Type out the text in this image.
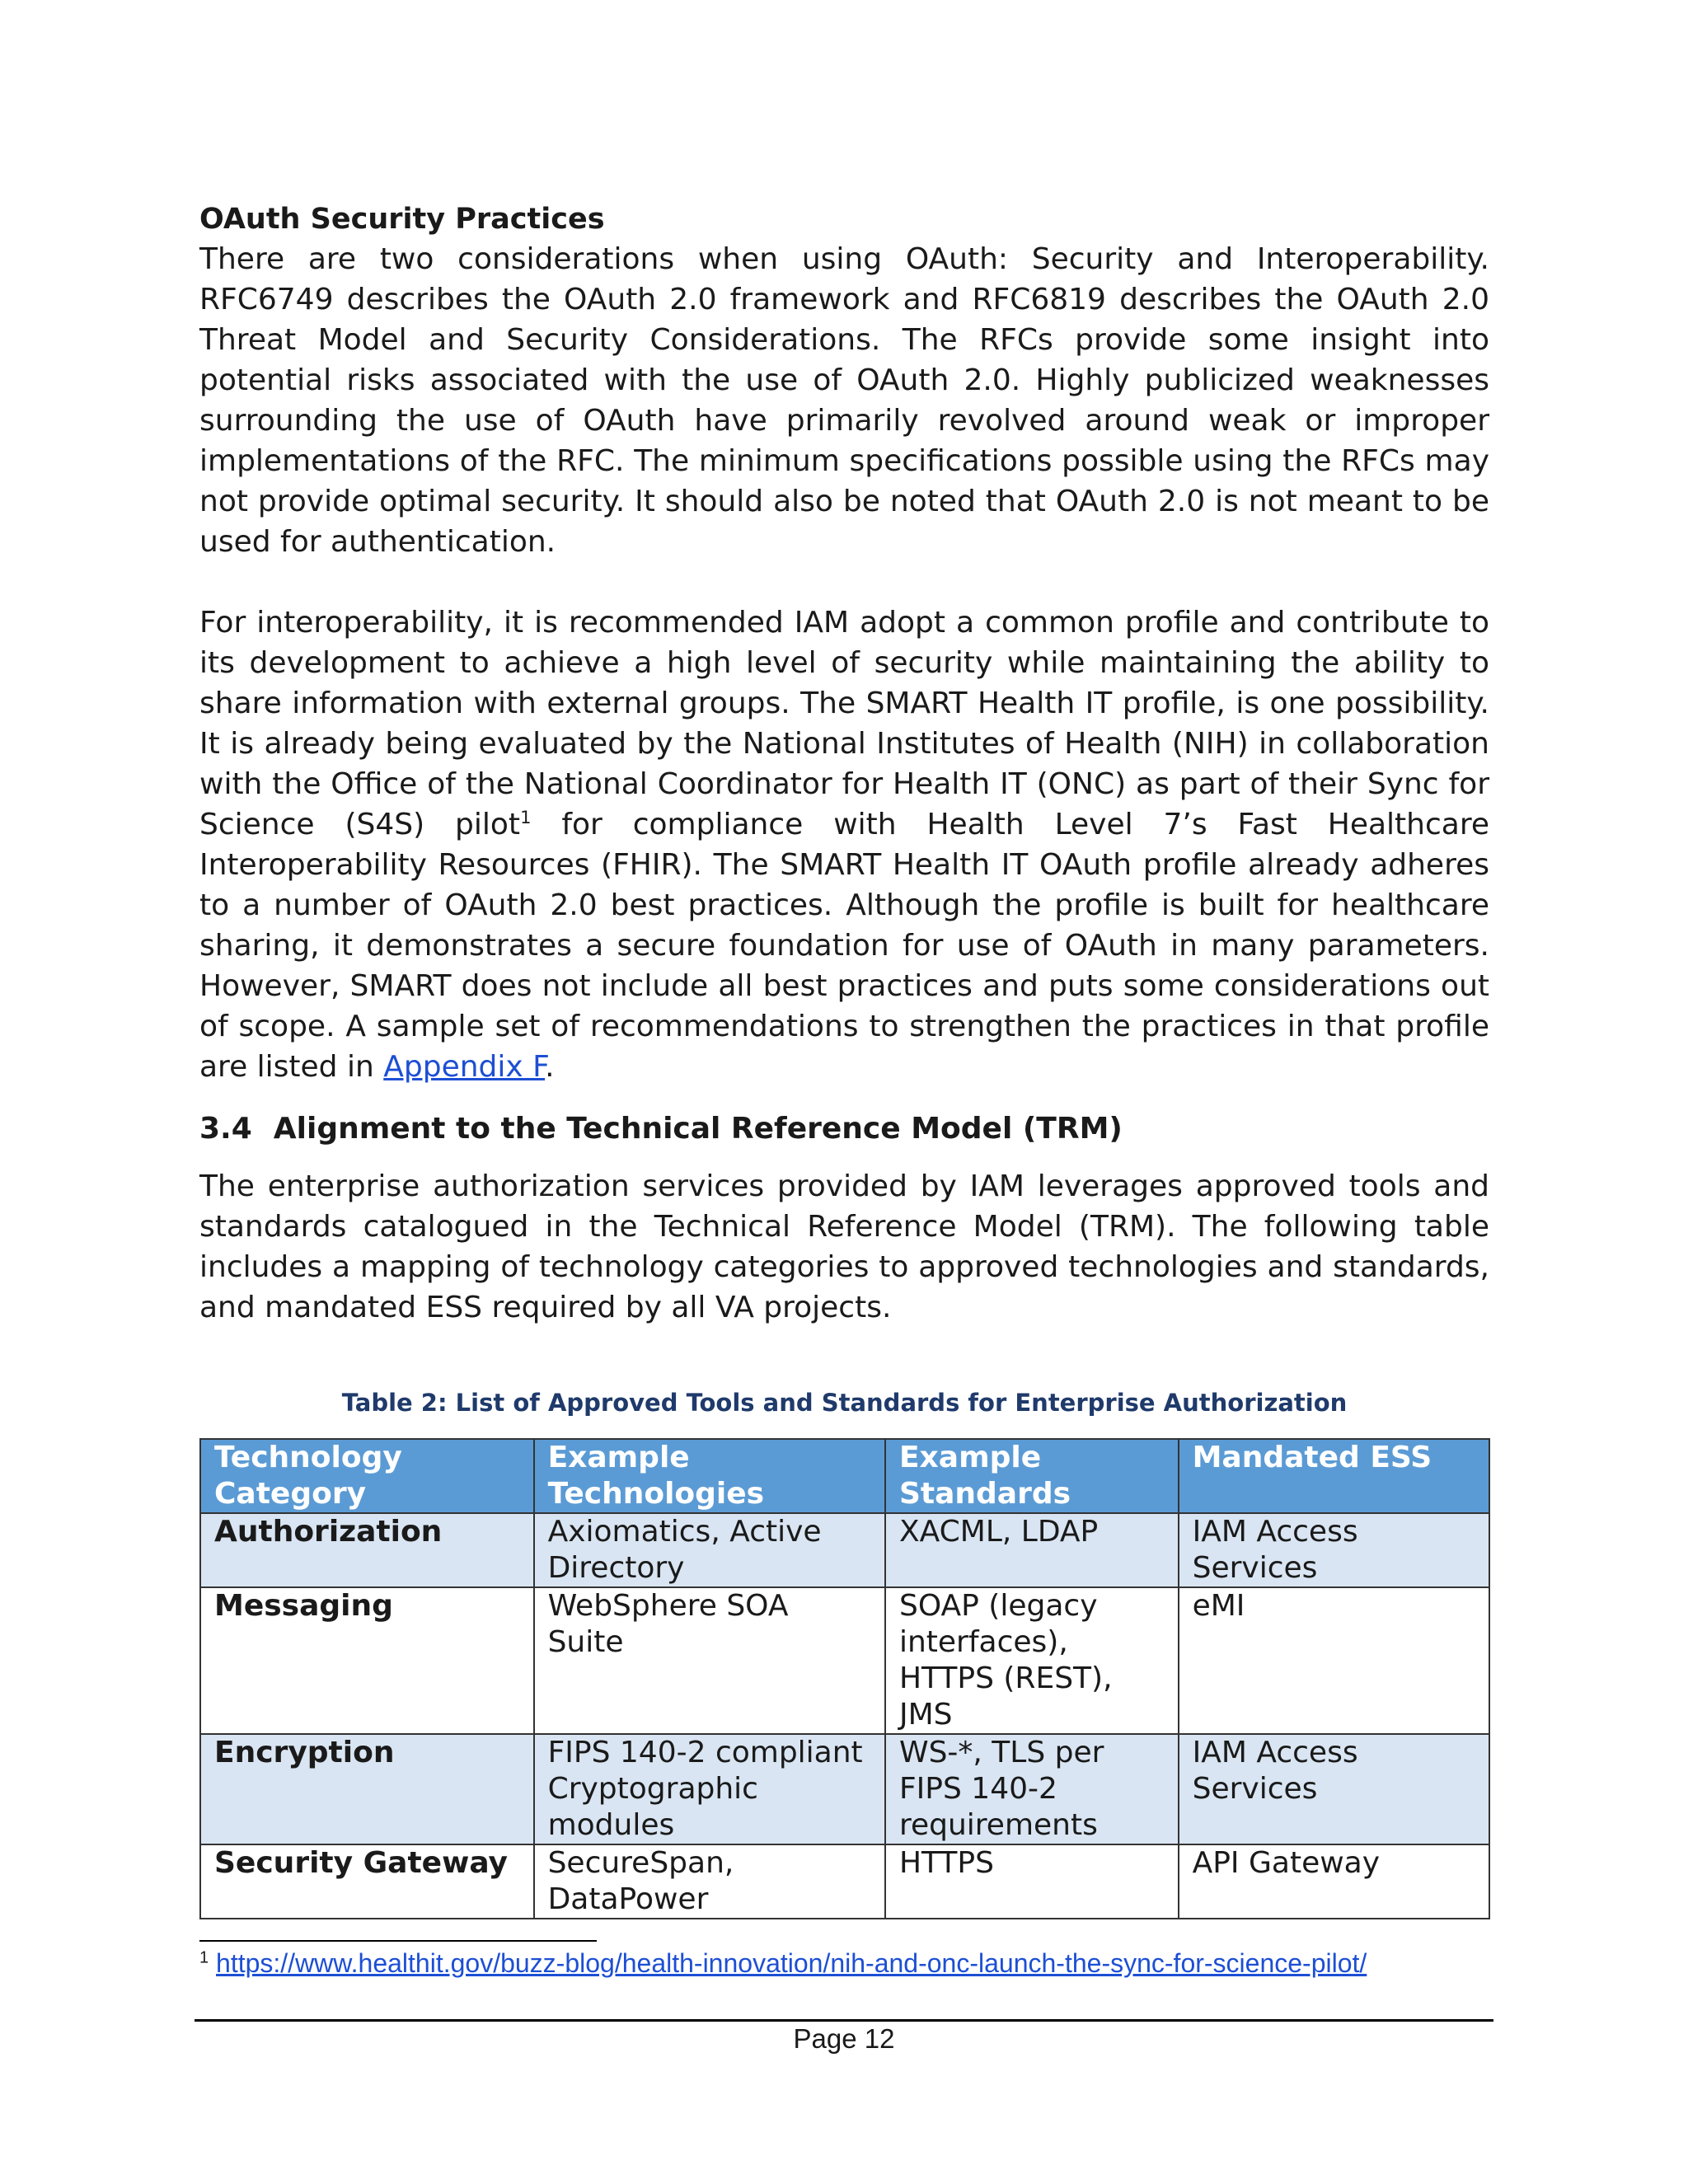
OAuth Security Practices

There are two considerations when using OAuth: Security and Interoperability. RFC6749 describes the OAuth 2.0 framework and RFC6819 describes the OAuth 2.0 Threat Model and Security Considerations. The RFCs provide some insight into potential risks associated with the use of OAuth 2.0. Highly publicized weaknesses surrounding the use of OAuth have primarily revolved around weak or improper implementations of the RFC. The minimum specifications possible using the RFCs may not provide optimal security. It should also be noted that OAuth 2.0 is not meant to be used for authentication.

For interoperability, it is recommended IAM adopt a common profile and contribute to its development to achieve a high level of security while maintaining the ability to share information with external groups. The SMART Health IT profile, is one possibility. It is already being evaluated by the National Institutes of Health (NIH) in collaboration with the Office of the National Coordinator for Health IT (ONC) as part of their Sync for Science (S4S) pilot$^1$ for compliance with Health Level 7’s Fast Healthcare Interoperability Resources (FHIR). The SMART Health IT OAuth profile already adheres to a number of OAuth 2.0 best practices. Although the profile is built for healthcare sharing, it demonstrates a secure foundation for use of OAuth in many parameters. However, SMART does not include all best practices and puts some considerations out of scope. A sample set of recommendations to strengthen the practices in that profile are listed in Appendix F.

3.4 Alignment to the Technical Reference Model (TRM)

The enterprise authorization services provided by IAM leverages approved tools and standards catalogued in the Technical Reference Model (TRM). The following table includes a mapping of technology categories to approved technologies and standards, and mandated ESS required by all VA projects.

Table 2: List of Approved Tools and Standards for Enterprise Authorization
Technology Category	Example Technologies	Example Standards	Mandated ESS
Authorization	Axiomatics, Active Directory	XACML, LDAP	IAM Access Services
Messaging	WebSphere SOA Suite	SOAP (legacy interfaces), HTTPS (REST), JMS	eMI
Encryption	FIPS 140-2 compliant Cryptographic modules	WS-*, TLS per FIPS 140-2 requirements	IAM Access Services
Security Gateway	SecureSpan, DataPower	HTTPS	API Gateway
$^1$ https://www.healthit.gov/buzz-blog/health-innovation/nih-and-onc-launch-the-sync-for-science-pilot/
Page 12
